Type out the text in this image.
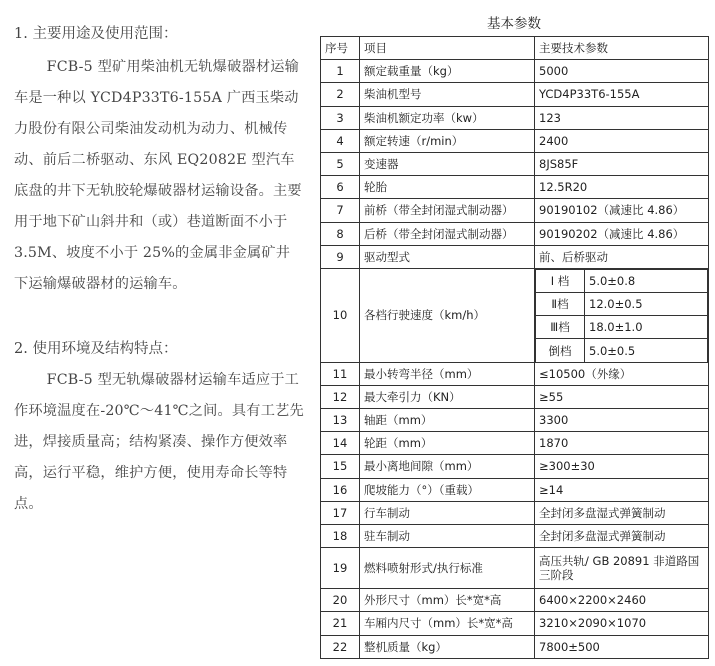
1. 主要用途及使用范围：

FCB-5 型矿用柴油机无轨爆破器材运输车是一种以 YCD4P33T6-155A 广西玉柴动力股份有限公司柴油发动机为动力、机械传动、前后二桥驱动、东风 EQ2082E 型汽车底盘的井下无轨胶轮爆破器材运输设备。主要用于地下矿山斜井和（或）巷道断面不小于 3.5M、坡度不小于 25%的金属非金属矿井下运输爆破器材的运输车。

2. 使用环境及结构特点：

FCB-5 型无轨爆破器材运输车适应于工作环境温度在-20℃～41℃之间。具有工艺先进，焊接质量高；结构紧凑、操作方便效率高，运行平稳，维护方便，使用寿命长等特点。

基本参数
序号	项目	主要技术参数
1	额定载重量（kg）	5000
2	柴油机型号	YCD4P33T6-155A
3	柴油机额定功率（kw）	123
4	额定转速（r/min）	2400
5	变速器	8JS85F
6	轮胎	12.5R20
7	前桥（带全封闭湿式制动器）	90190102（减速比 4.86）
8	后桥（带全封闭湿式制动器）	90190202（减速比 4.86）
9	驱动型式	前、后桥驱动
10	各档行驶速度（km/h）	
I 档	5.0±0.8
Ⅱ档	12.0±0.5
Ⅲ档	18.0±1.0
倒档	5.0±0.5

11	最小转弯半径（mm）	≤10500（外缘）
12	最大牵引力（KN）	≥55
13	轴距（mm）	3300
14	轮距（mm）	1870
15	最小离地间隙（mm）	≥300±30
16	爬坡能力（°）（重载）	≥14
17	行车制动	全封闭多盘湿式弹簧制动
18	驻车制动	全封闭多盘湿式弹簧制动
19	燃料喷射形式/执行标准	高压共轨/ GB 20891 非道路国三阶段
20	外形尺寸（mm）长*宽*高	6400×2200×2460
21	车厢内尺寸（mm）长*宽*高	3210×2090×1070
22	整机质量（kg）	7800±500
